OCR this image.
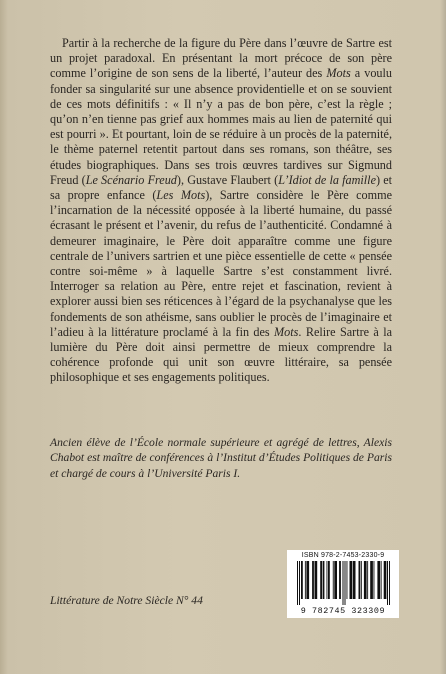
Partir à la recherche de la figure du Père dans l’œuvre de Sartre est un projet paradoxal. En présentant la mort précoce de son père comme l’origine de son sens de la liberté, l’auteur des Mots a voulu fonder sa singularité sur une absence providentielle et on se souvient de ces mots définitifs : « Il n’y a pas de bon père, c’est la règle ; qu’on n’en tienne pas grief aux hommes mais au lien de paternité qui est pourri ». Et pourtant, loin de se réduire à un procès de la paternité, le thème paternel retentit partout dans ses romans, son théâtre, ses études biographiques. Dans ses trois œuvres tardives sur Sigmund Freud (Le Scénario Freud), Gustave Flaubert (L’Idiot de la famille) et sa propre enfance (Les Mots), Sartre considère le Père comme l’incarnation de la nécessité opposée à la liberté humaine, du passé écrasant le présent et l’avenir, du refus de l’authenticité. Condamné à demeurer imaginaire, le Père doit apparaître comme une figure centrale de l’univers sartrien et une pièce essentielle de cette « pensée contre soi-même » à laquelle Sartre s’est constamment livré. Interroger sa relation au Père, entre rejet et fascination, revient à explorer aussi bien ses réticences à l’égard de la psychanalyse que les fondements de son athéisme, sans oublier le procès de l’imaginaire et l’adieu à la littérature proclamé à la fin des Mots. Relire Sartre à la lumière du Père doit ainsi permettre de mieux comprendre la cohérence profonde qui unit son œuvre littéraire, sa pensée philosophique et ses engagements politiques.

Ancien élève de l’École normale supérieure et agrégé de lettres, Alexis Chabot est maître de conférences à l’Institut d’Études Politiques de Paris et chargé de cours à l’Université Paris I.
ISBN 978-2-7453-2330-9
9 782745 323309
Littérature de Notre Siècle N° 44
